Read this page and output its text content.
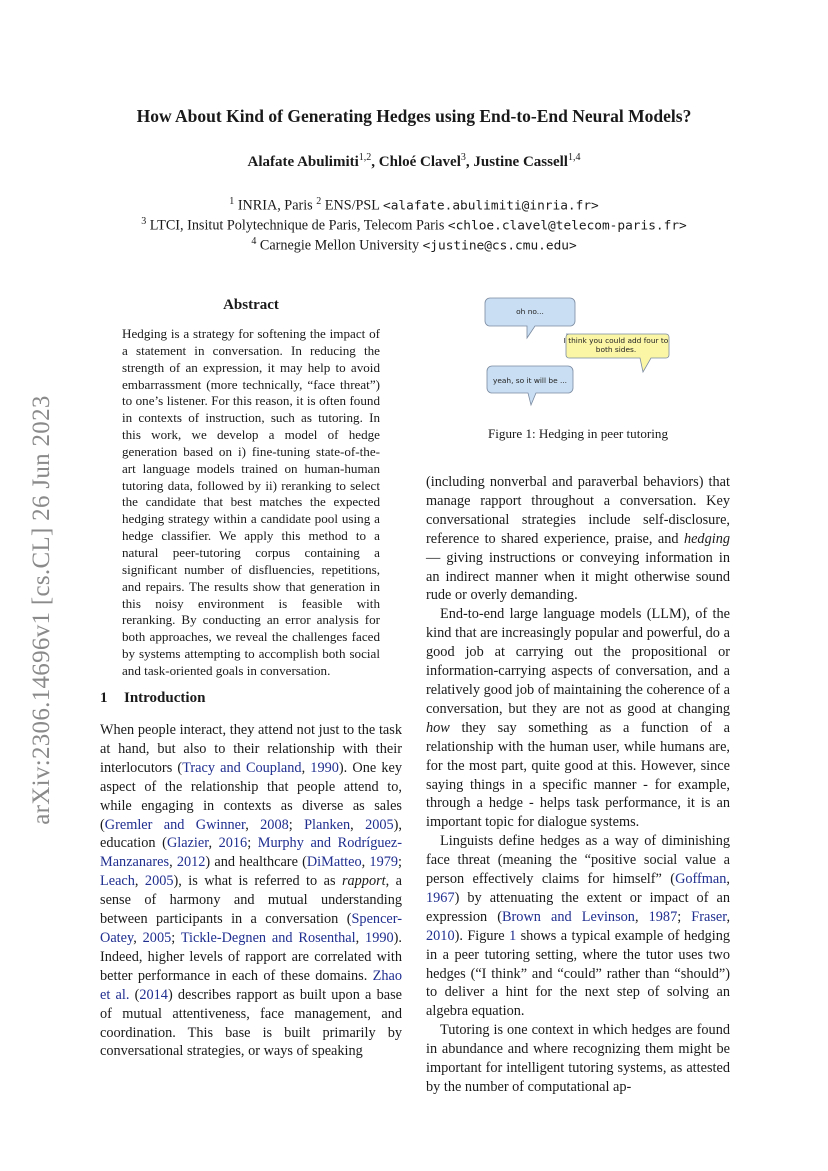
How About Kind of Generating Hedges using End-to-End Neural Models?
Alafate Abulimiti$^{1,2}$, Chloé Clavel$^3$, Justine Cassell$^{1,4}$
$^1$ INRIA, Paris $^2$ ENS/PSL <alafate.abulimiti@inria.fr>
$^3$ LTCI, Insitut Polytechnique de Paris, Telecom Paris <chloe.clavel@telecom-paris.fr>
$^4$ Carnegie Mellon University <justine@cs.cmu.edu>
arXiv:2306.14696v1 [cs.CL] 26 Jun 2023
Abstract

Hedging is a strategy for softening the impact of a statement in conversation. In reducing the strength of an expression, it may help to avoid embarrassment (more technically, “face threat”) to one’s listener. For this reason, it is often found in contexts of instruction, such as tutoring. In this work, we develop a model of hedge generation based on i) fine-tuning state-of-the-art language models trained on human-human tutoring data, followed by ii) reranking to select the candidate that best matches the expected hedging strategy within a candidate pool using a hedge classifier. We apply this method to a natural peer-tutoring corpus containing a significant number of disfluencies, repetitions, and repairs. The results show that generation in this noisy environment is feasible with reranking. By conducting an error analysis for both approaches, we reveal the challenges faced by systems attempting to accomplish both social and task-oriented goals in conversation.

oh no...
I think you could add four to
both sides.
yeah, so it will be ...
Figure 1: Hedging in peer tutoring
1 Introduction

When people interact, they attend not just to the task at hand, but also to their relationship with their interlocutors (Tracy and Coupland, 1990). One key aspect of the relationship that people attend to, while engaging in contexts as diverse as sales (Gremler and Gwinner, 2008; Planken, 2005), education (Glazier, 2016; Murphy and Rodríguez-Manzanares, 2012) and healthcare (DiMatteo, 1979; Leach, 2005), is what is referred to as rapport, a sense of harmony and mutual understanding between participants in a conversation (Spencer-Oatey, 2005; Tickle-Degnen and Rosenthal, 1990). Indeed, higher levels of rapport are correlated with better performance in each of these domains. Zhao et al. (2014) describes rapport as built upon a base of mutual attentiveness, face management, and coordination. This base is built primarily by conversational strategies, or ways of speaking

(including nonverbal and paraverbal behaviors) that manage rapport throughout a conversation. Key conversational strategies include self-disclosure, reference to shared experience, praise, and hedging — giving instructions or conveying information in an indirect manner when it might otherwise sound rude or overly demanding.

End-to-end large language models (LLM), of the kind that are increasingly popular and powerful, do a good job at carrying out the propositional or information-carrying aspects of conversation, and a relatively good job of maintaining the coherence of a conversation, but they are not as good at changing how they say something as a function of a relationship with the human user, while humans are, for the most part, quite good at this. However, since saying things in a specific manner - for example, through a hedge - helps task performance, it is an important topic for dialogue systems.

Linguists define hedges as a way of diminishing face threat (meaning the “positive social value a person effectively claims for himself” (Goffman, 1967) by attenuating the extent or impact of an expression (Brown and Levinson, 1987; Fraser, 2010). Figure 1 shows a typical example of hedging in a peer tutoring setting, where the tutor uses two hedges (“I think” and “could” rather than “should”) to deliver a hint for the next step of solving an algebra equation.

Tutoring is one context in which hedges are found in abundance and where recognizing them might be important for intelligent tutoring systems, as attested by the number of computational ap-
